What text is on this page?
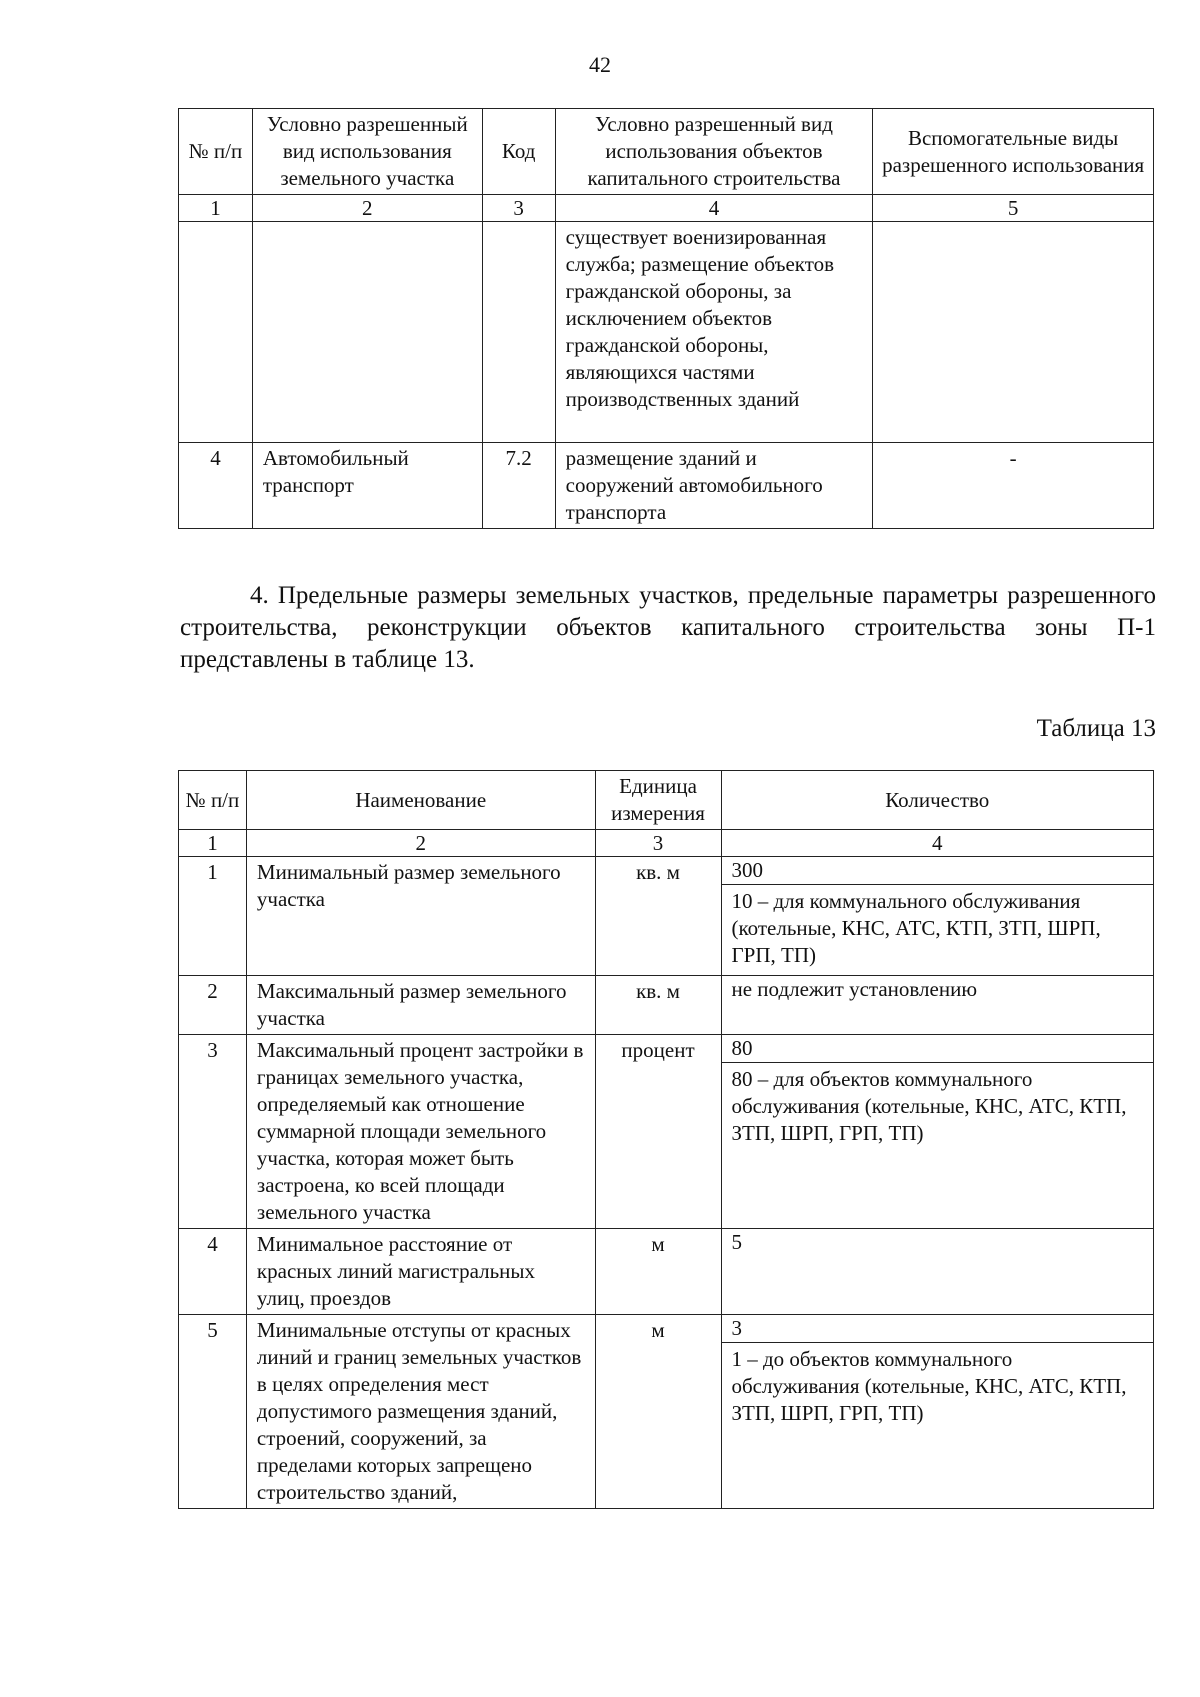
42
№ п/п	Условно разрешенный вид использования земельного участка	Код	Условно разрешенный вид использования объектов капитального строительства	Вспомогательные виды разрешенного использования
1	2	3	4	5
			существует военизированная служба; размещение объектов гражданской обороны, за исключением объектов гражданской обороны, являющихся частями производственных зданий	
4	Автомобильный транспорт	7.2	размещение зданий и сооружений автомобильного транспорта	-
4. Предельные размеры земельных участков, предельные параметры разрешенного строительства, реконструкции объектов капитального строительства зоны П-1 представлены в таблице 13.
Таблица 13
№ п/п	Наименование	Единица измерения	Количество
1	2	3	4
1	Минимальный размер земельного участка	кв. м	300
10 – для коммунального обслуживания (котельные, КНС, АТС, КТП, ЗТП, ШРП, ГРП, ТП)

2	Максимальный размер земельного участка	кв. м	не подлежит установлению

3	Максимальный процент застройки в границах земельного участка, определяемый как отношение суммарной площади земельного участка, которая может быть застроена, ко всей площади земельного участка	процент	80
80 – для объектов коммунального обслуживания (котельные, КНС, АТС, КТП, ЗТП, ШРП, ГРП, ТП)

4	Минимальное расстояние от красных линий магистральных улиц, проездов	м	5

5	Минимальные отступы от красных линий и границ земельных участков в целях определения мест допустимого размещения зданий, строений, сооружений, за пределами которых запрещено строительство зданий,	м	3
1 – до объектов коммунального обслуживания (котельные, КНС, АТС, КТП, ЗТП, ШРП, ГРП, ТП)
